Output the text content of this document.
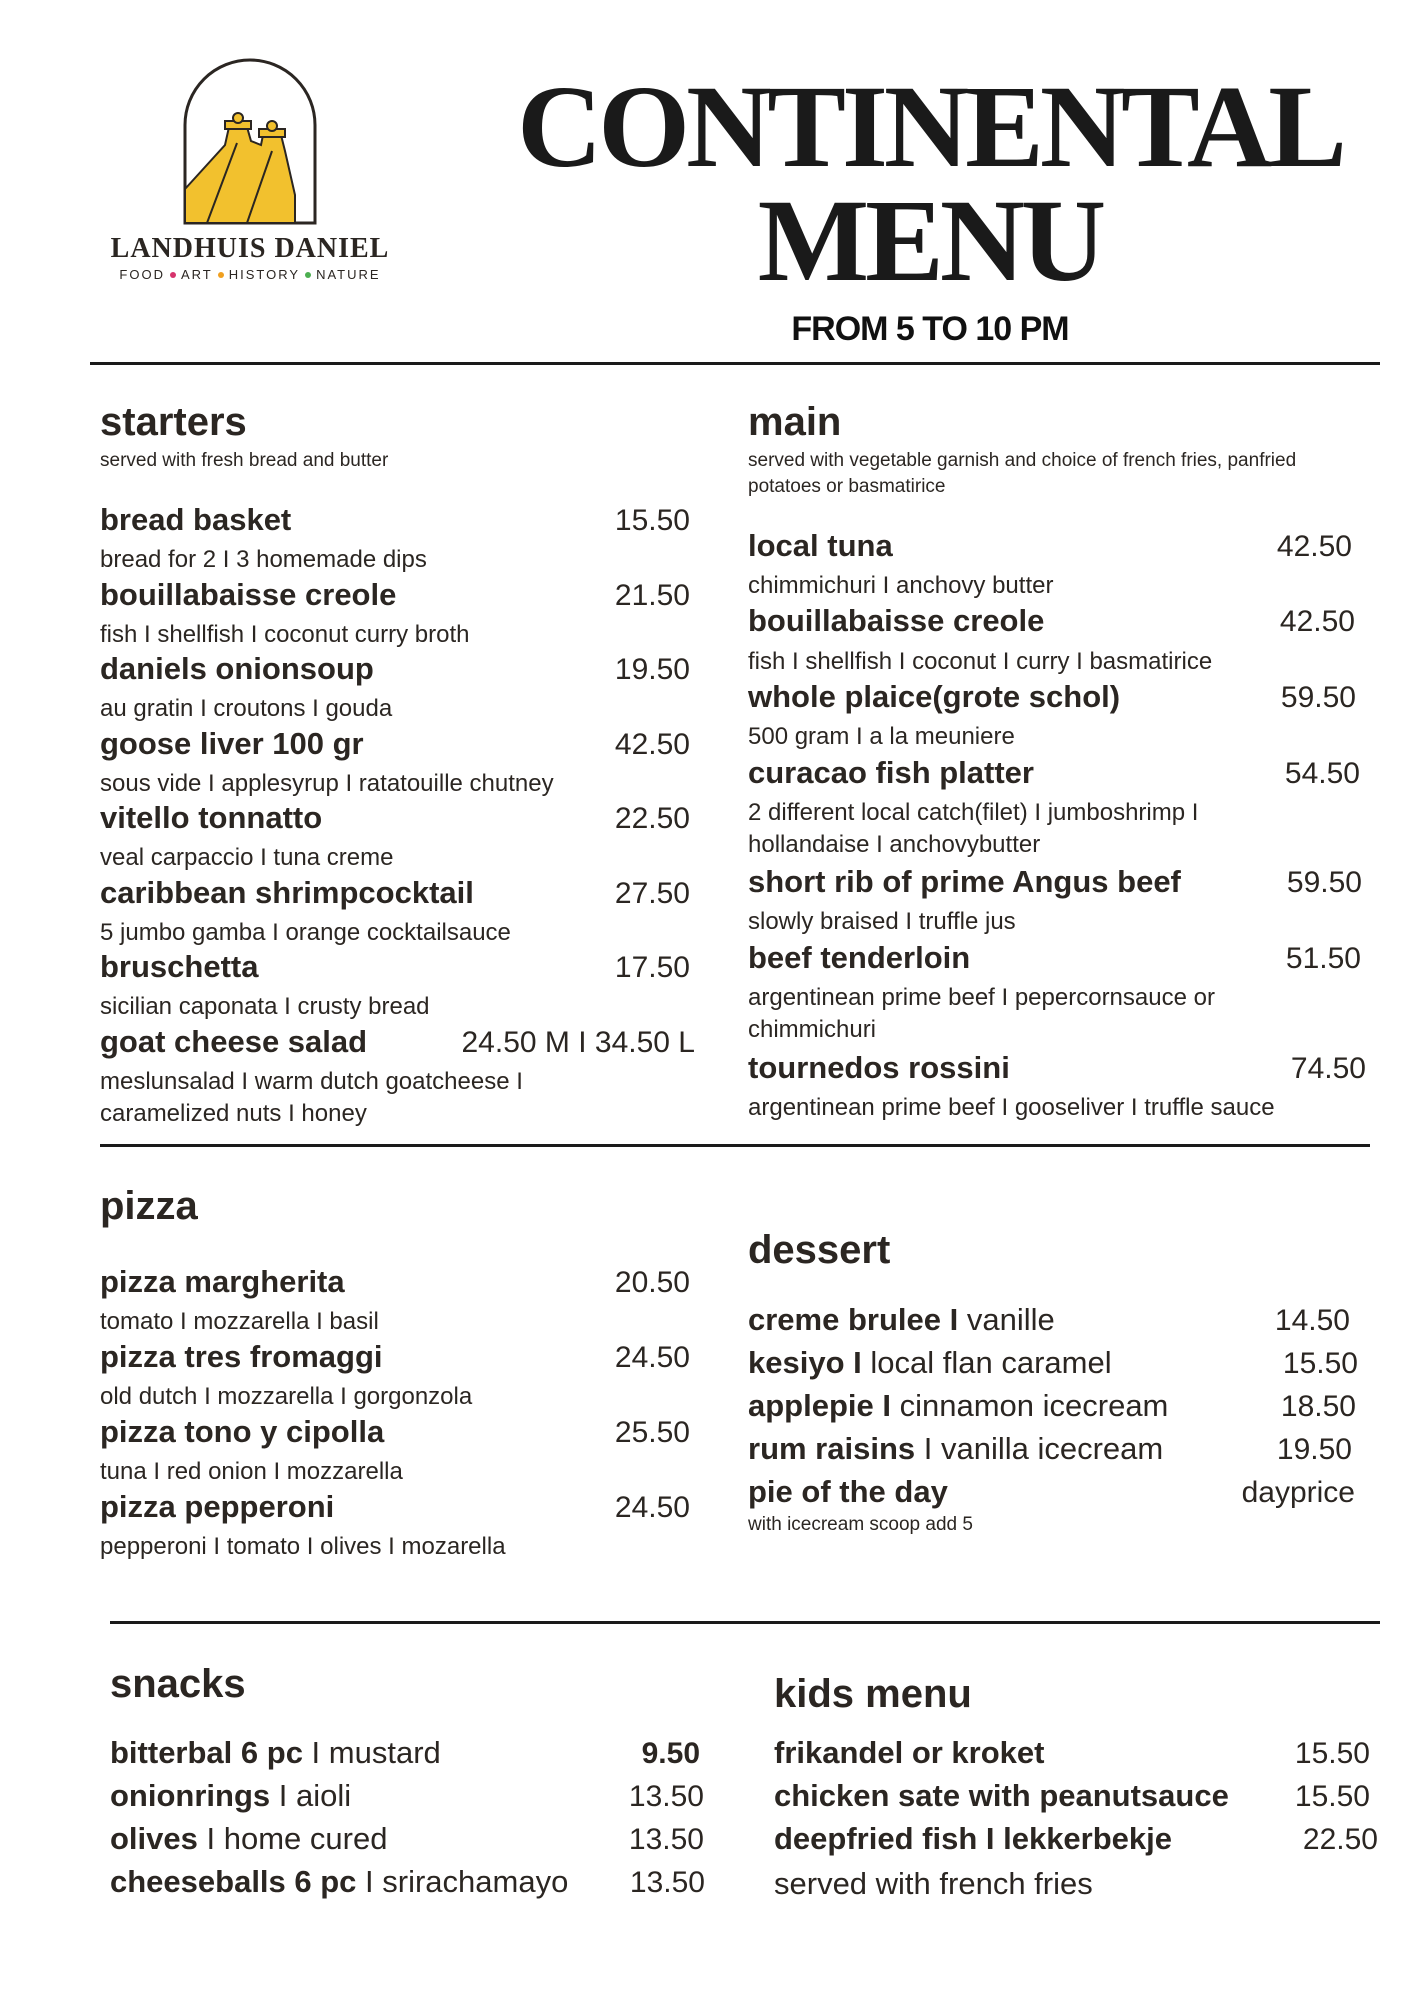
LANDHUIS DANIEL
FOOD ART HISTORY NATURE
CONTINENTAL
MENU
FROM 5 TO 10 PM
starters
served with fresh bread and butter
bread basket	15.50
bread for 2 I 3 homemade dips
bouillabaisse creole	21.50
fish I shellfish I coconut curry broth
daniels onionsoup	19.50
au gratin I croutons I gouda
goose liver 100 gr	42.50
sous vide I applesyrup I ratatouille chutney
vitello tonnatto	22.50
veal carpaccio I tuna creme
caribbean shrimpcocktail	27.50
5 jumbo gamba I orange cocktailsauce
bruschetta	17.50
sicilian caponata I crusty bread
goat cheese salad	24.50 M I 34.50 L
meslunsalad I warm dutch goatcheese I caramelized nuts I honey
main
served with vegetable garnish and choice of french fries, panfried potatoes or basmatirice
local tuna	42.50
chimmichuri I anchovy butter
bouillabaisse creole	42.50
fish I shellfish I coconut I curry I basmatirice
whole plaice(grote schol)	59.50
500 gram I a la meuniere
curacao fish platter	54.50
2 different local catch(filet) I jumboshrimp I hollandaise I anchovybutter
short rib of prime Angus beef	59.50
slowly braised I truffle jus
beef tenderloin	51.50
argentinean prime beef I pepercornsauce or chimmichuri
tournedos rossini	74.50
argentinean prime beef I gooseliver I truffle sauce
pizza
pizza margherita	20.50
tomato I mozzarella I basil
pizza tres fromaggi	24.50
old dutch I mozzarella I gorgonzola
pizza tono y cipolla	25.50
tuna I red onion I mozzarella
pizza pepperoni	24.50
pepperoni I tomato I olives I mozarella
dessert
creme brulee I vanille	14.50
kesiyo I local flan caramel	15.50
applepie I cinnamon icecream	18.50
rum raisins I vanilla icecream	19.50
pie of the day	dayprice
with icecream scoop add 5
snacks
bitterbal 6 pc I mustard	9.50
onionrings I aioli	13.50
olives I home cured	13.50
cheeseballs 6 pc I srirachamayo	13.50
kids menu
frikandel or kroket	15.50
chicken sate with peanutsauce	15.50
deepfried fish I lekkerbekje	22.50
served with french fries
